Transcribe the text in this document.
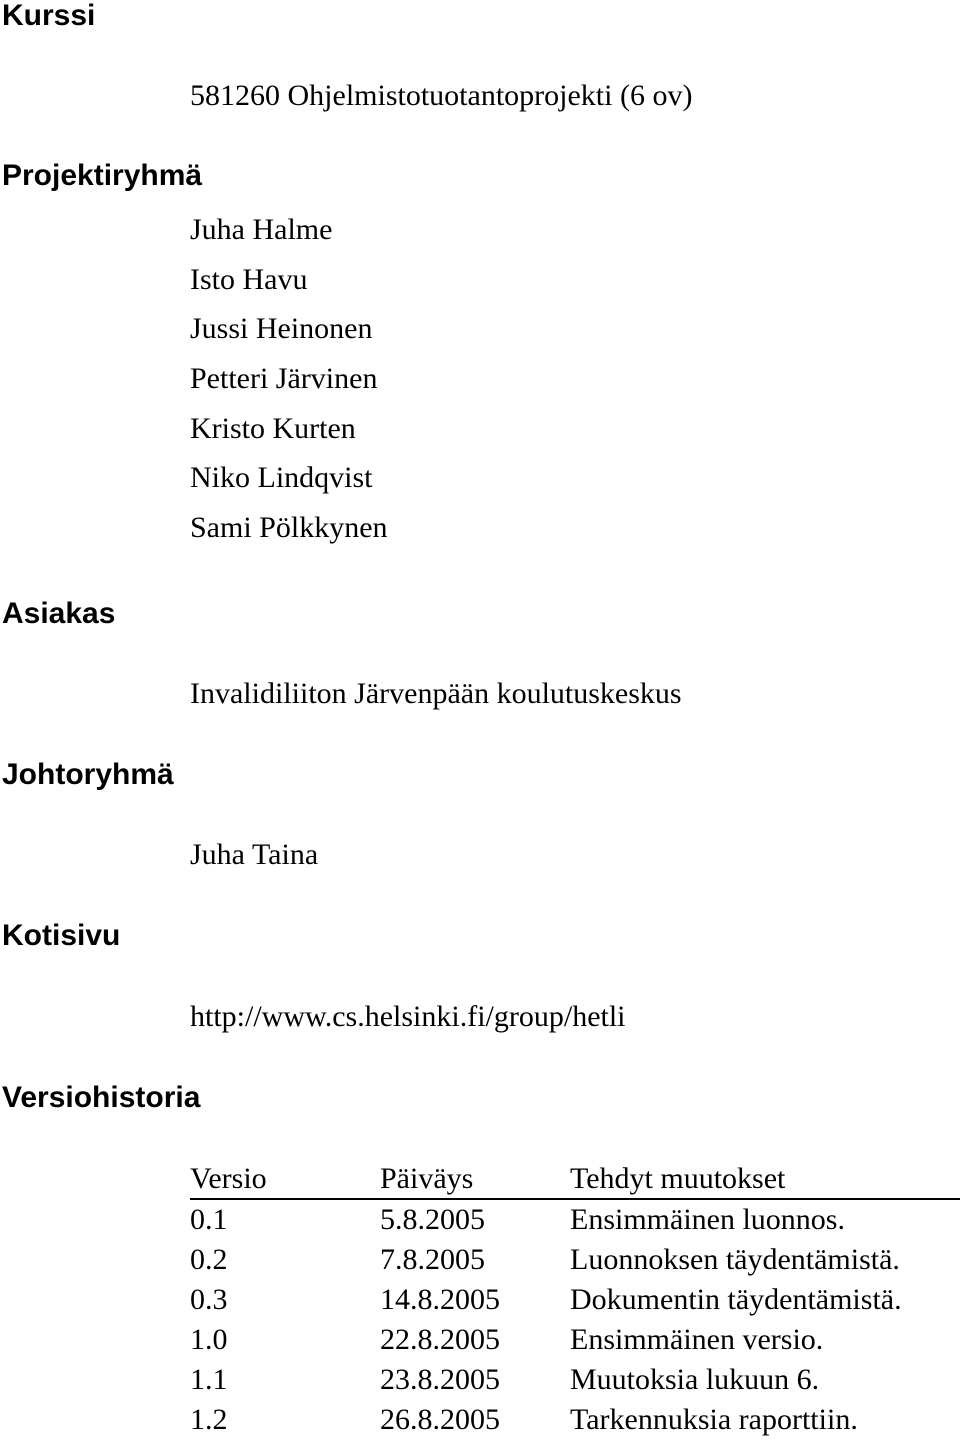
Kurssi
581260 Ohjelmistotuotantoprojekti (6 ov)
Projektiryhmä
Juha Halme
Isto Havu
Jussi Heinonen
Petteri Järvinen
Kristo Kurten
Niko Lindqvist
Sami Pölkkynen
Asiakas
Invalidiliiton Järvenpään koulutuskeskus
Johtoryhmä
Juha Taina
Kotisivu
http://www.cs.helsinki.fi/group/hetli
Versiohistoria
Versio	Päiväys	Tehdyt muutokset
0.1	5.8.2005	Ensimmäinen luonnos.
0.2	7.8.2005	Luonnoksen täydentämistä.
0.3	14.8.2005	Dokumentin täydentämistä.
1.0	22.8.2005	Ensimmäinen versio.
1.1	23.8.2005	Muutoksia lukuun 6.
1.2	26.8.2005	Tarkennuksia raporttiin.
